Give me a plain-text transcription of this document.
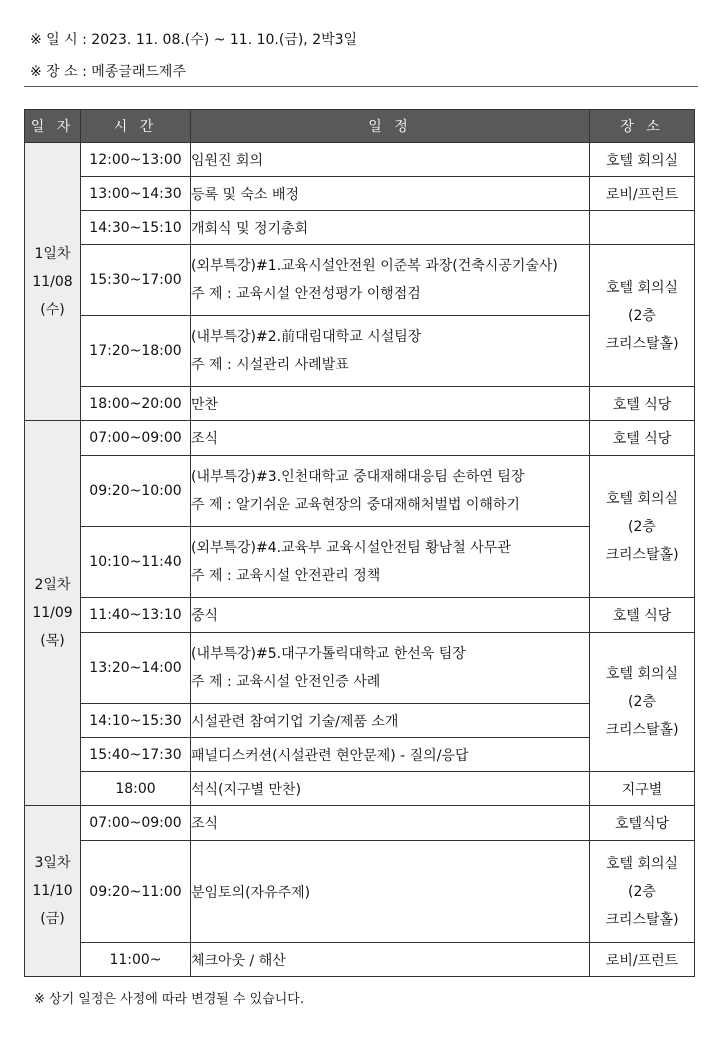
※ 일 시 : 2023. 11. 08.(수) ~ 11. 10.(금), 2박3일
※ 장 소 : 메종글래드제주
일 자	시 간	일 정	장 소

1일차
11/08
(수)	12:00~13:00	임원진 회의	호텔 회의실
	13:00~14:30	등록 및 숙소 배정	로비/프런트
	14:30~15:10	개회식 및 정기총회	
	15:30~17:00	(외부특강)#1.교육시설안전원 이준복 과장(건축시공기술사)
주 제 : 교육시설 안전성평가 이행점검	호텔 회의실
(2층
크리스탈홀)

	17:20~18:00	(내부특강)#2.前대림대학교 시설팀장
주 제 : 시설관리 사례발표	

	18:00~20:00	만찬	호텔 식당

2일차
11/09
(목)	07:00~09:00	조식	호텔 식당
	09:20~10:00	(내부특강)#3.인천대학교 중대재해대응팀 손하연 팀장
주 제 : 알기쉬운 교육현장의 중대재해처벌법 이해하기	호텔 회의실
(2층
크리스탈홀)

	10:10~11:40	(외부특강)#4.교육부 교육시설안전팀 황남철 사무관
주 제 : 교육시설 안전관리 정책	

	11:40~13:10	중식	호텔 식당
	13:20~14:00	(내부특강)#5.대구가톨릭대학교 한선욱 팀장
주 제 : 교육시설 안전인증 사례	호텔 회의실
(2층
크리스탈홀)

	14:10~15:30	시설관련 참여기업 기술/제품 소개	
	15:40~17:30	패널디스커션(시설관련 현안문제) - 질의/응답	
	18:00	석식(지구별 만찬)	지구별

3일차
11/10
(금)	07:00~09:00	조식	호텔식당
	09:20~11:00	분임토의(자유주제)	호텔 회의실
(2층
크리스탈홀)

	11:00~	체크아웃 / 해산	로비/프런트
※ 상기 일정은 사정에 따라 변경될 수 있습니다.
